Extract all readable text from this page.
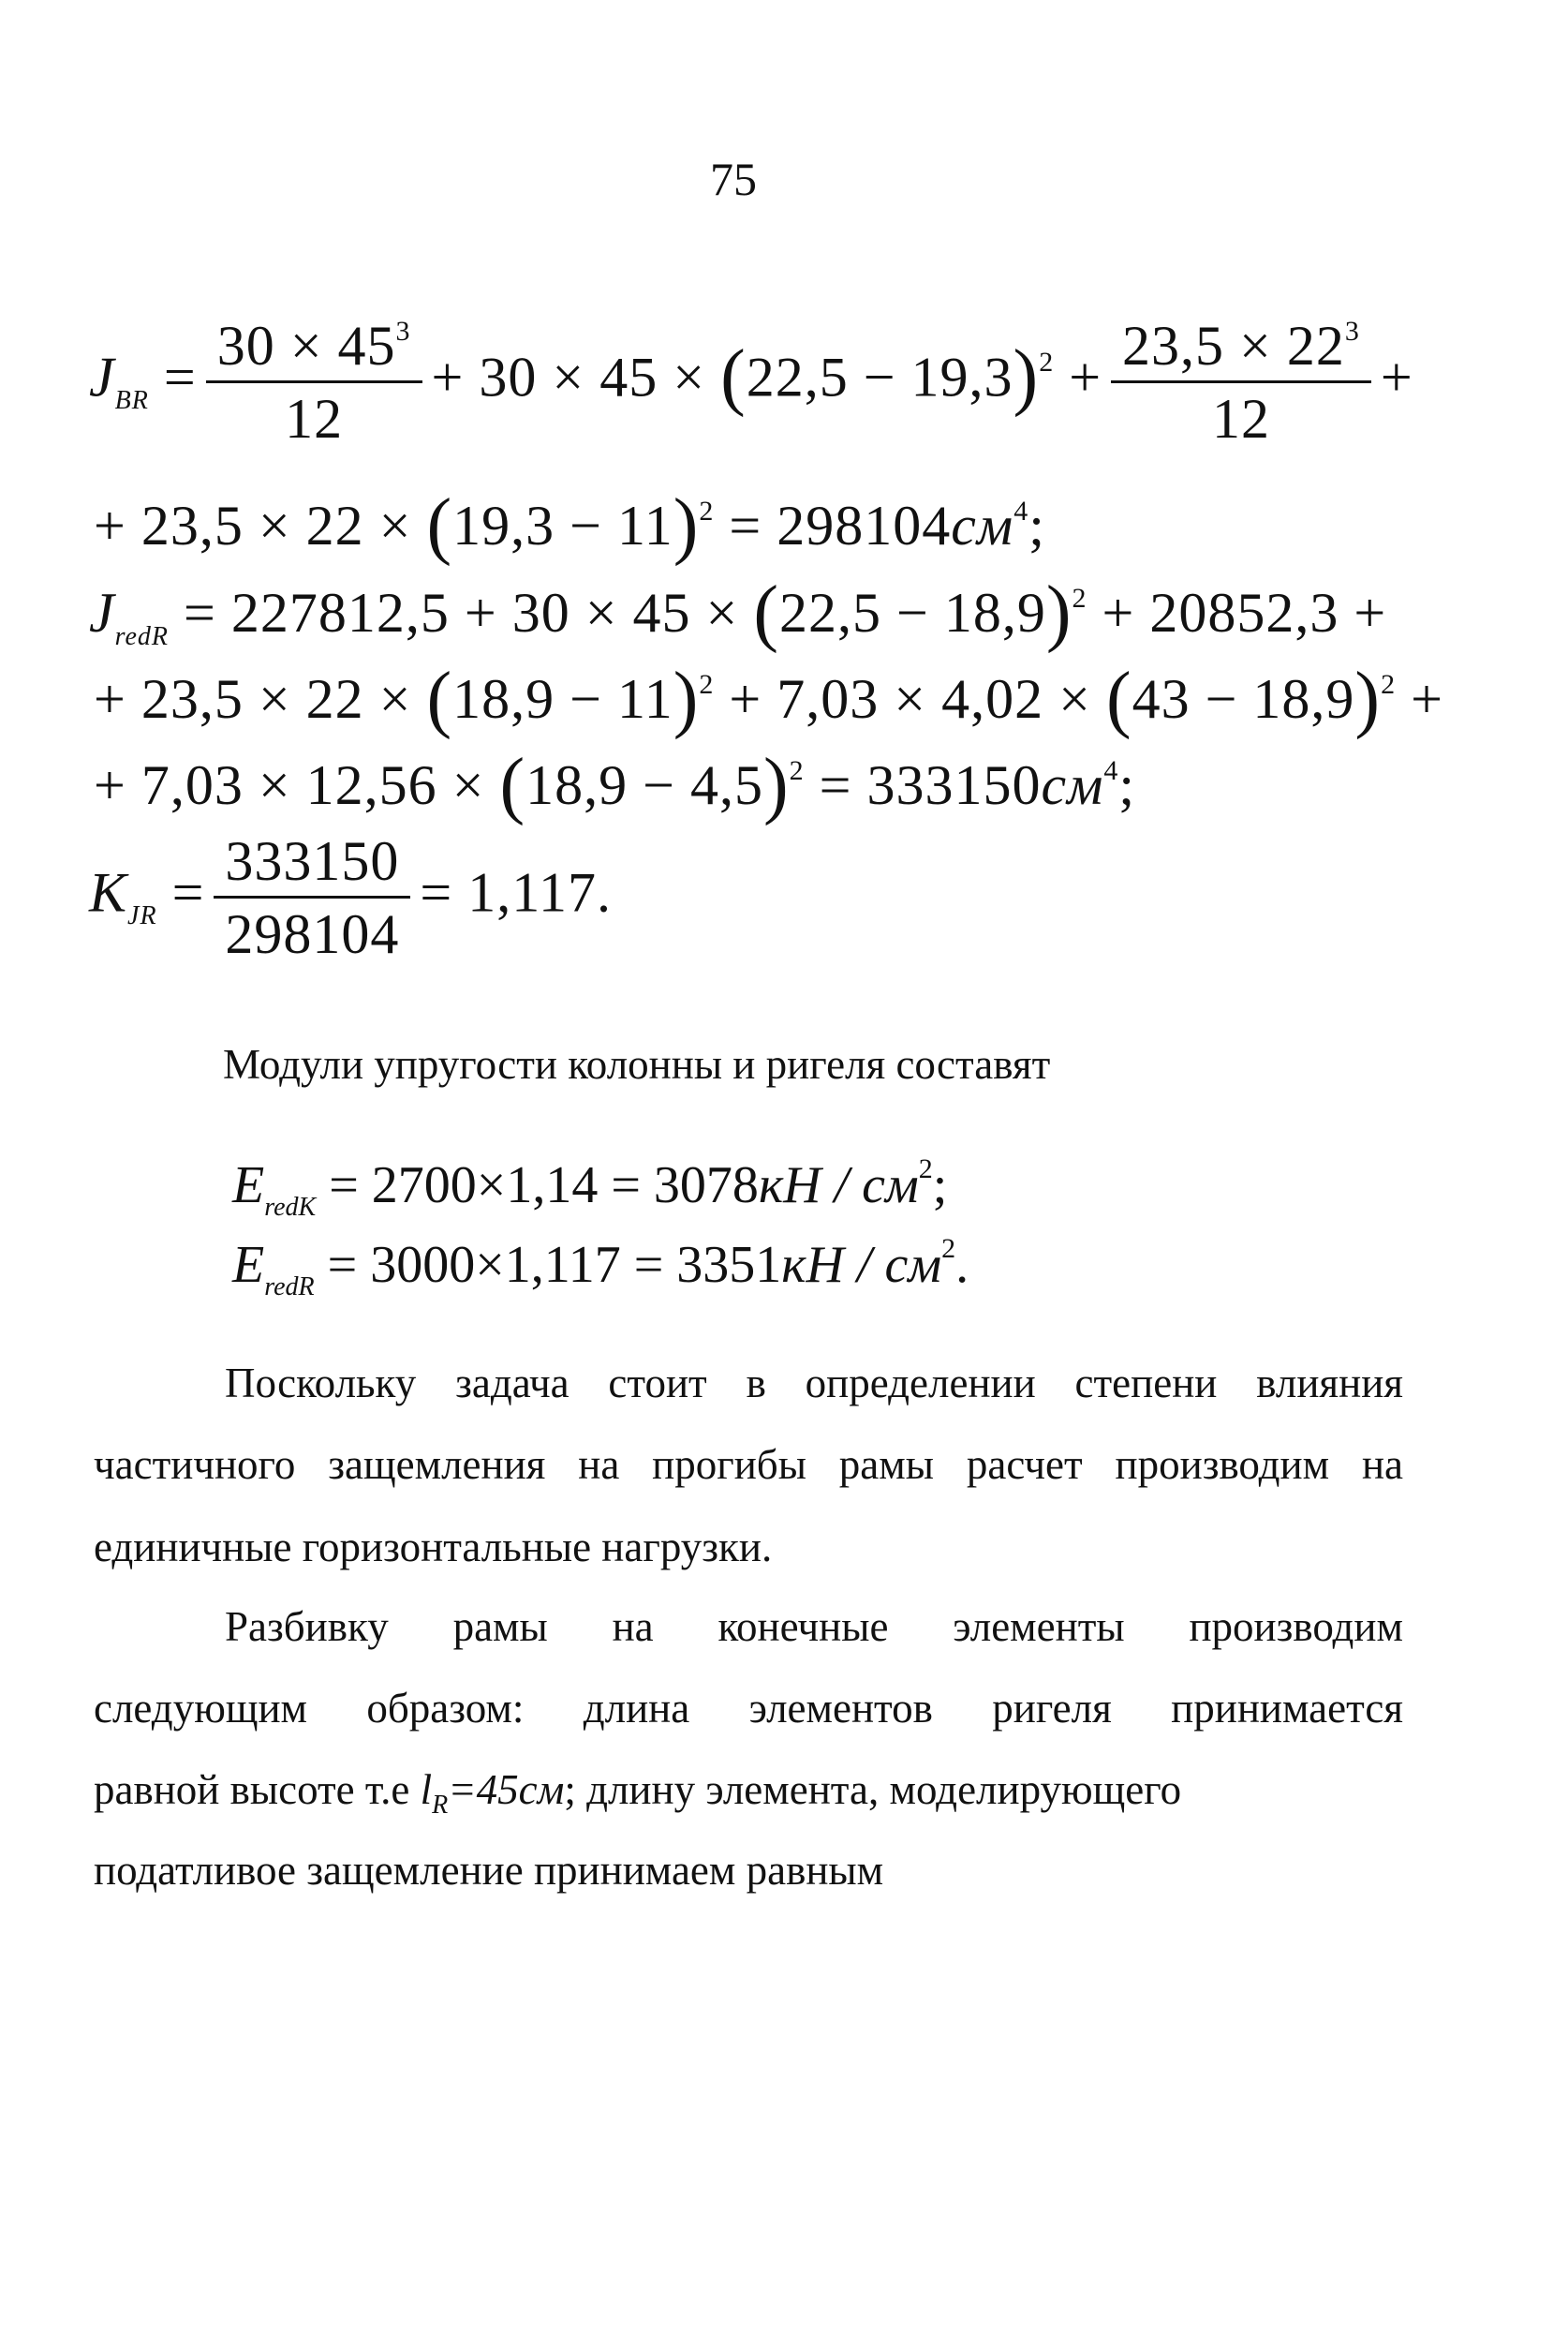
75
$J_{BR} = \frac{30 \times 45^3}{12} + 30 \times 45 \times (22,5 - 19,3)^2 + \frac{23,5 \times 22^3}{12}$ +
+ $23,5 \times 22 \times (19,3 - 11)^2 = 298104см^4$;
$J_{redR} = 227812,5 + 30 \times 45 \times (22,5 - 18,9)^2 + 20852,3$ +
+ $23,5 \times 22 \times (18,9 - 11)^2 + 7,03 \times 4,02 \times (43 - 18,9)^2$ +
+ $7,03 \times 12,56 \times (18,9 - 4,5)^2 = 333150см^4$;
$K_{JR} = \frac{333150}{298104} = 1,117$.
Модули упругости колонны и ригеля составят
$E_{redK} = 2700\times 1,14 = 3078кН / см^2$;
$E_{redR} = 3000\times 1,117 = 3351кН / см^2$.
Поскольку задача стоит в определении степени влияния
частичного защемления на прогибы рамы расчет производим на
единичные горизонтальные нагрузки.
Разбивку рамы на конечные элементы производим
следующим образом: длина элементов ригеля принимается
равной высоте т.е $l_R=45см$; длину элемента, моделирующего
податливое защемление принимаем равным
